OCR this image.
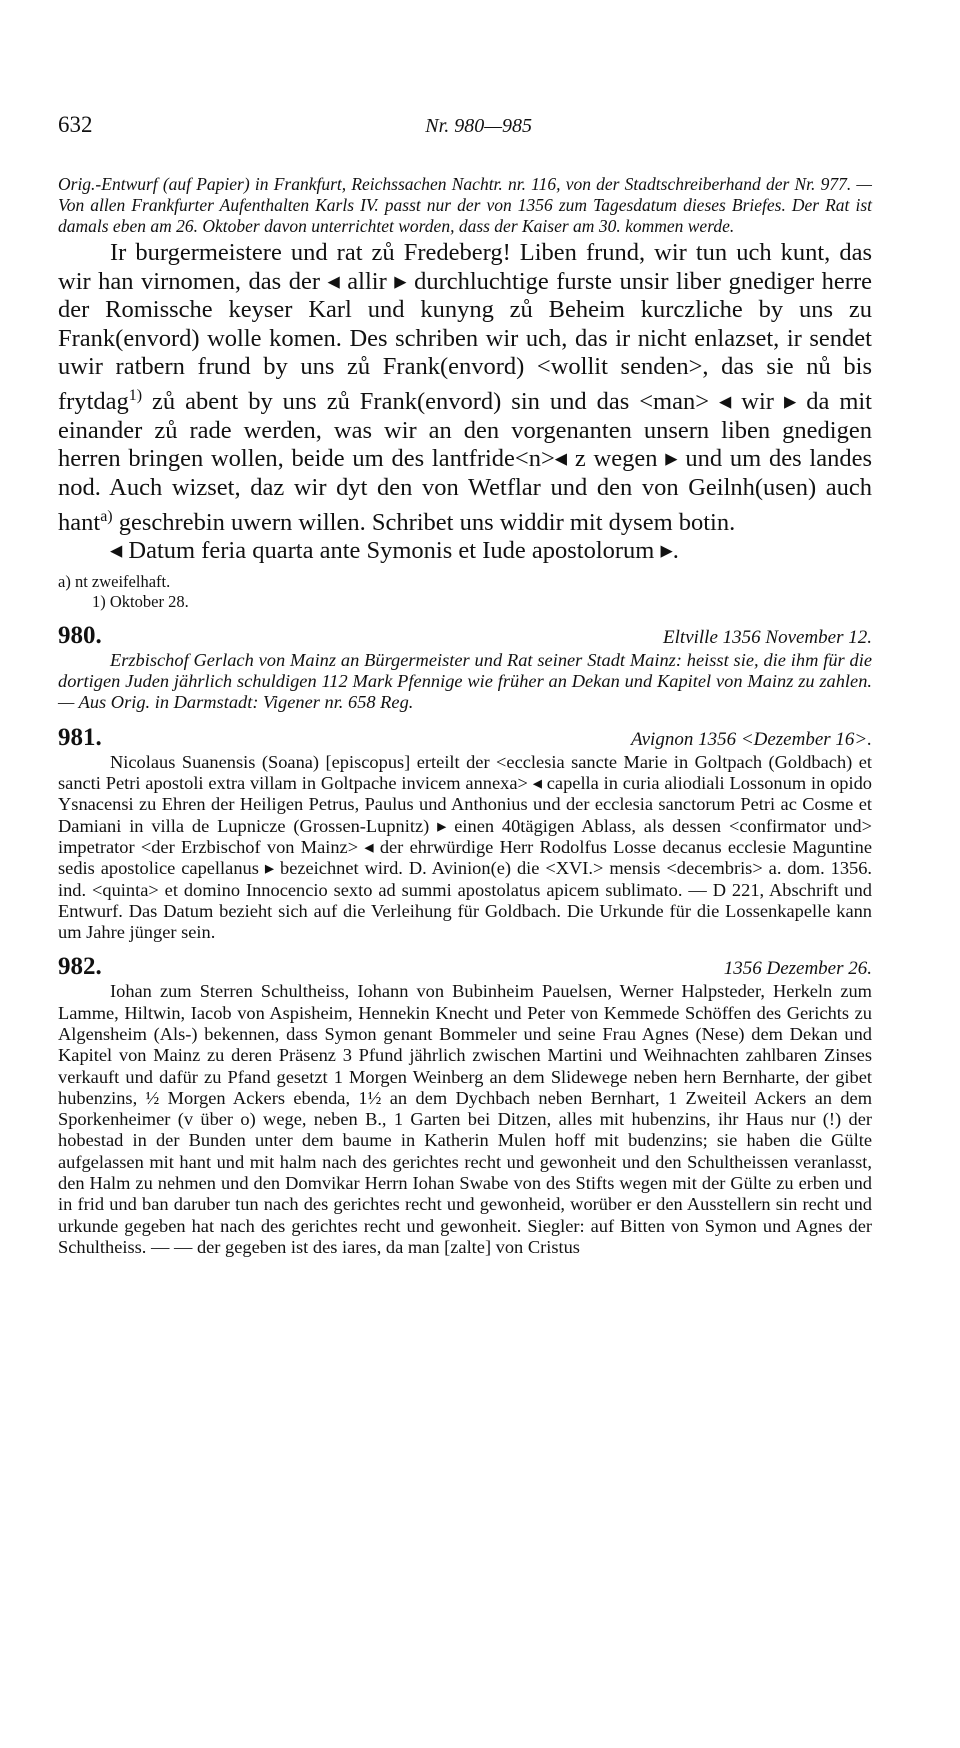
632	Nr. 980—985

Orig.-Entwurf (auf Papier) in Frankfurt, Reichssachen Nachtr. nr. 116, von der Stadtschreiberhand der Nr. 977. — Von allen Frankfurter Aufenthalten Karls IV. passt nur der von 1356 zum Tagesdatum dieses Briefes. Der Rat ist damals eben am 26. Oktober davon unterrichtet worden, dass der Kaiser am 30. kommen werde.

Ir burgermeistere und rat zů Fredeberg! Liben frund, wir tun uch kunt, das wir han virnomen, das der ◂ allir ▸ durchluchtige furste unsir liber gnediger herre der Romissche keyser Karl und kunyng zů Beheim kurczliche by uns zu Frank(envord) wolle komen. Des schriben wir uch, das ir nicht enlazset, ir sendet uwir ratbern frund by uns zů Frank(envord) <wollit senden>, das sie nů bis frytdag$^{1)}$ zů abent by uns zů Frank(envord) sin und das <man> ◂ wir ▸ da mit einander zů rade werden, was wir an den vorgenanten unsern liben gnedigen herren bringen wollen, beide um des lantfride<n>◂ z wegen ▸ und um des landes nod. Auch wizset, daz wir dyt den von Wetflar und den von Geilnh(usen) auch hant$^{a)}$ geschrebin uwern willen. Schribet uns widdir mit dysem botin.
◂ Datum feria quarta ante Symonis et Iude apostolorum ▸.
a) nt zweifelhaft.
1) Oktober 28.
980.	Eltville 1356 November 12.
Erzbischof Gerlach von Mainz an Bürgermeister und Rat seiner Stadt Mainz: heisst sie, die ihm für die dortigen Juden jährlich schuldigen 112 Mark Pfennige wie früher an Dekan und Kapitel von Mainz zu zahlen. — Aus Orig. in Darmstadt: Vigener nr. 658 Reg.
981.	Avignon 1356 <Dezember 16>.
Nicolaus Suanensis (Soana) [episcopus] erteilt der <ecclesia sancte Marie in Goltpach (Goldbach) et sancti Petri apostoli extra villam in Goltpache invicem annexa> ◂ capella in curia aliodiali Lossonum in opido Ysnacensi zu Ehren der Heiligen Petrus, Paulus und Anthonius und der ecclesia sanctorum Petri ac Cosme et Damiani in villa de Lupnicze (Grossen-Lupnitz) ▸ einen 40tägigen Ablass, als dessen <confirmator und> impetrator <der Erzbischof von Mainz> ◂ der ehrwürdige Herr Rodolfus Losse decanus ecclesie Maguntine sedis apostolice capellanus ▸ bezeichnet wird. D. Avinion(e) die <XVI.> mensis <decembris> a. dom. 1356. ind. <quinta> et domino Innocencio sexto ad summi apostolatus apicem sublimato. — D 221, Abschrift und Entwurf. Das Datum bezieht sich auf die Verleihung für Goldbach. Die Urkunde für die Lossenkapelle kann um Jahre jünger sein.
982.	1356 Dezember 26.
Iohan zum Sterren Schultheiss, Iohann von Bubinheim Pauelsen, Werner Halpsteder, Herkeln zum Lamme, Hiltwin, Iacob von Aspisheim, Hennekin Knecht und Peter von Kemmede Schöffen des Gerichts zu Algensheim (Als-) bekennen, dass Symon genant Bommeler und seine Frau Agnes (Nese) dem Dekan und Kapitel von Mainz zu deren Präsenz 3 Pfund jährlich zwischen Martini und Weihnachten zahlbaren Zinses verkauft und dafür zu Pfand gesetzt 1 Morgen Weinberg an dem Slidewege neben hern Bernharte, der gibet hubenzins, ½ Morgen Ackers ebenda, 1½ an dem Dychbach neben Bernhart, 1 Zweiteil Ackers an dem Sporkenheimer (v über o) wege, neben B., 1 Garten bei Ditzen, alles mit hubenzins, ihr Haus nur (!) der hobestad in der Bunden unter dem baume in Katherin Mulen hoff mit budenzins; sie haben die Gülte aufgelassen mit hant und mit halm nach des gerichtes recht und gewonheit und den Schultheissen veranlasst, den Halm zu nehmen und den Domvikar Herrn Iohan Swabe von des Stifts wegen mit der Gülte zu erben und in frid und ban daruber tun nach des gerichtes recht und gewonheid, worüber er den Ausstellern sin recht und urkunde gegeben hat nach des gerichtes recht und gewonheit. Siegler: auf Bitten von Symon und Agnes der Schultheiss. — — der gegeben ist des iares, da man [zalte] von Cristus
